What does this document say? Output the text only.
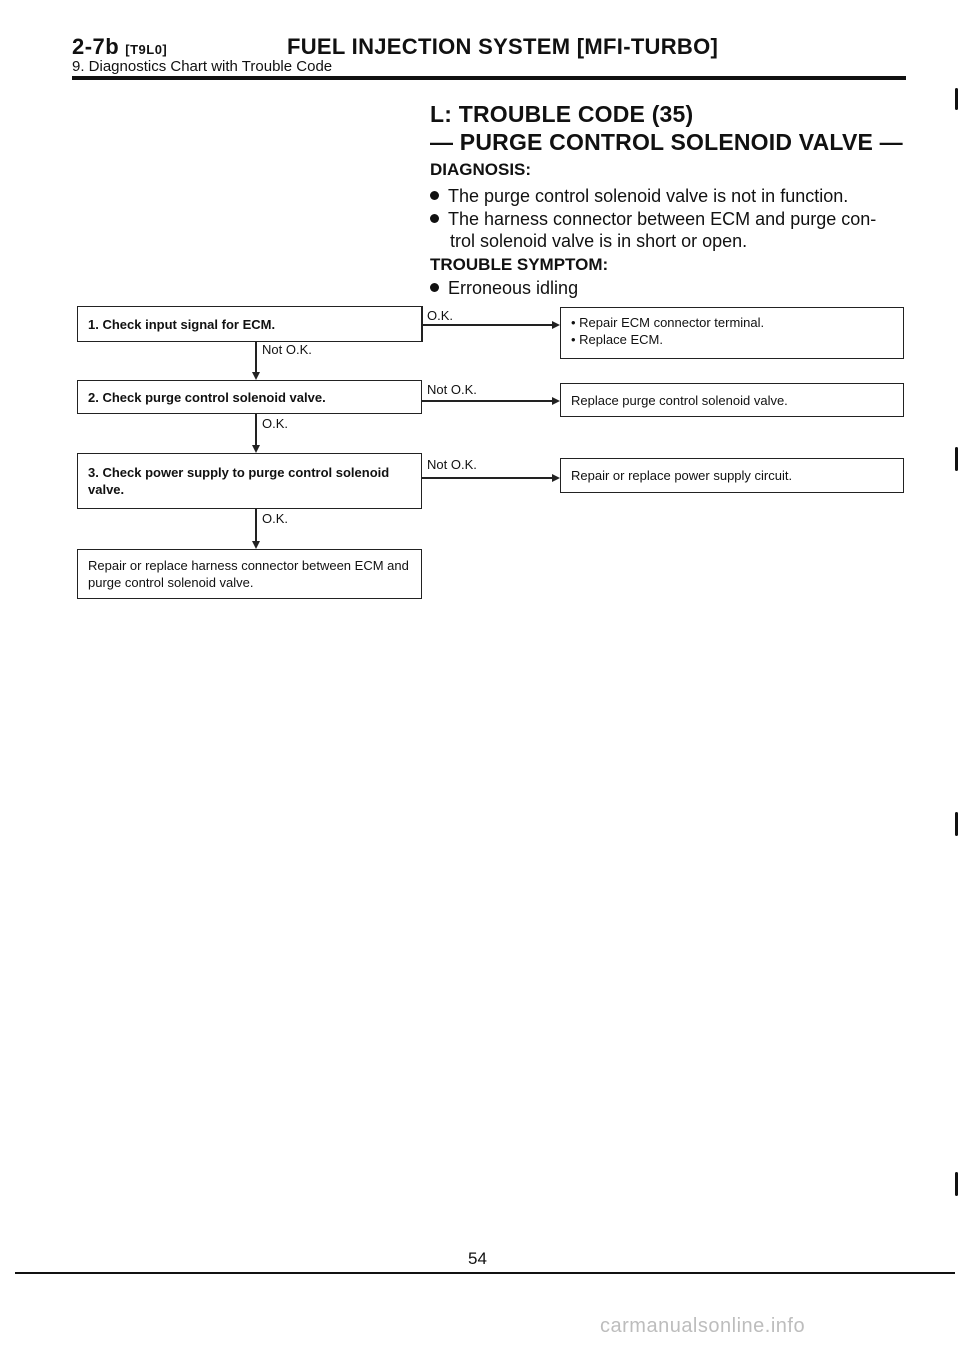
2-7b [T9L0]	FUEL INJECTION SYSTEM [MFI-TURBO]
9. Diagnostics Chart with Trouble Code
L: TROUBLE CODE (35)
— PURGE CONTROL SOLENOID VALVE —
DIAGNOSIS:
The purge control solenoid valve is not in function.
The harness connector between ECM and purge con-
trol solenoid valve is in short or open.
TROUBLE SYMPTOM:
Erroneous idling
1. Check input signal for ECM.
2. Check purge control solenoid valve.
3. Check power supply to purge control solenoid valve.
Repair or replace harness connector between ECM and purge control solenoid valve.
Not O.K.
O.K.
O.K.
O.K.
Not O.K.
Not O.K.
• Repair ECM connector terminal.
• Replace ECM.
Replace purge control solenoid valve.
Repair or replace power supply circuit.
54
carmanualsonline.info
